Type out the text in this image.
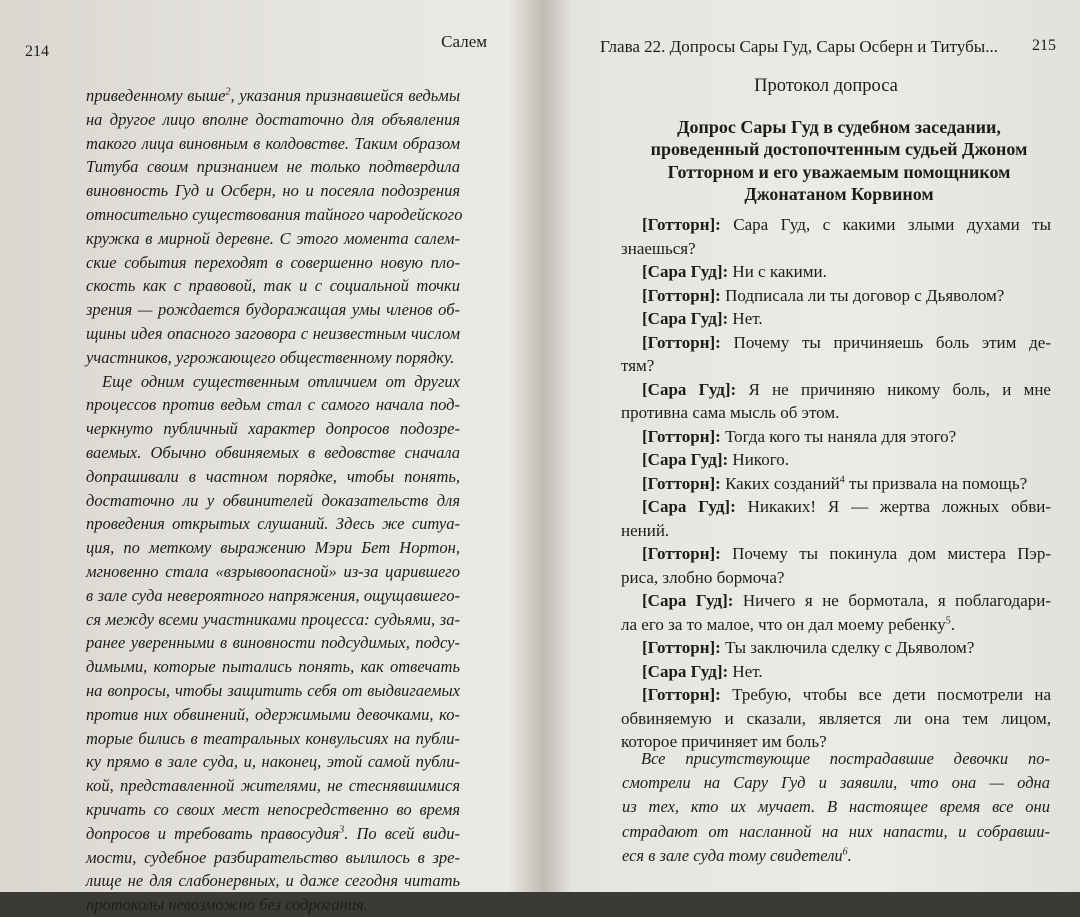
214
Салем
приведенному выше$^2$, указания признавшейся ведьмы
на другое лицо вполне достаточно для объявления
такого лица виновным в колдовстве. Таким образом
Титуба своим признанием не только подтвердила
виновность Гуд и Осберн, но и посеяла подозрения
относительно существования тайного чародейского
кружка в мирной деревне. С этого момента салем-
ские события переходят в совершенно новую пло-
скость как с правовой, так и с социальной точки
зрения — рождается будоражащая умы членов об-
щины идея опасного заговора с неизвестным числом
участников, угрожающего общественному порядку.
Еще одним существенным отличием от других
процессов против ведьм стал с самого начала под-
черкнуто публичный характер допросов подозре-
ваемых. Обычно обвиняемых в ведовстве сначала
допрашивали в частном порядке, чтобы понять,
достаточно ли у обвинителей доказательств для
проведения открытых слушаний. Здесь же ситуа-
ция, по меткому выражению Мэри Бет Нортон,
мгновенно стала «взрывоопасной» из-за царившего
в зале суда невероятного напряжения, ощущавшего-
ся между всеми участниками процесса: судьями, за-
ранее уверенными в виновности подсудимых, подсу-
димыми, которые пытались понять, как отвечать
на вопросы, чтобы защитить себя от выдвигаемых
против них обвинений, одержимыми девочками, ко-
торые бились в театральных конвульсиях на публи-
ку прямо в зале суда, и, наконец, этой самой публи-
кой, представленной жителями, не стеснявшимися
кричать со своих мест непосредственно во время
допросов и требовать правосудия$^3$. По всей види-
мости, судебное разбирательство вылилось в зре-
лище не для слабонервных, и даже сегодня читать
протоколы невозможно без содрогания.
Глава 22. Допросы Сары Гуд, Сары Осберн и Титубы... 215
Протокол допроса
Допрос Сары Гуд в судебном заседании,
проведенный достопочтенным судьей Джоном
Готторном и его уважаемым помощником
Джонатаном Корвином
[Готторн]: Сара Гуд, с какими злыми духами ты
знаешься?
[Сара Гуд]: Ни с какими.
[Готторн]: Подписала ли ты договор с Дьяволом?
[Сара Гуд]: Нет.
[Готторн]: Почему ты причиняешь боль этим де-
тям?
[Сара Гуд]: Я не причиняю никому боль, и мне
противна сама мысль об этом.
[Готторн]: Тогда кого ты наняла для этого?
[Сара Гуд]: Никого.
[Готторн]: Каких созданий$^4$ ты призвала на помощь?
[Сара Гуд]: Никаких! Я — жертва ложных обви-
нений.
[Готторн]: Почему ты покинула дом мистера Пэр-
риса, злобно бормоча?
[Сара Гуд]: Ничего я не бормотала, я поблагодари-
ла его за то малое, что он дал моему ребенку$^5$.
[Готторн]: Ты заключила сделку с Дьяволом?
[Сара Гуд]: Нет.
[Готторн]: Требую, чтобы все дети посмотрели на
обвиняемую и сказали, является ли она тем лицом,
которое причиняет им боль?
Все присутствующие пострадавшие девочки по-
смотрели на Сару Гуд и заявили, что она — одна
из тех, кто их мучает. В настоящее время все они
страдают от насланной на них напасти, и собравши-
еся в зале суда тому свидетели$^6$.
